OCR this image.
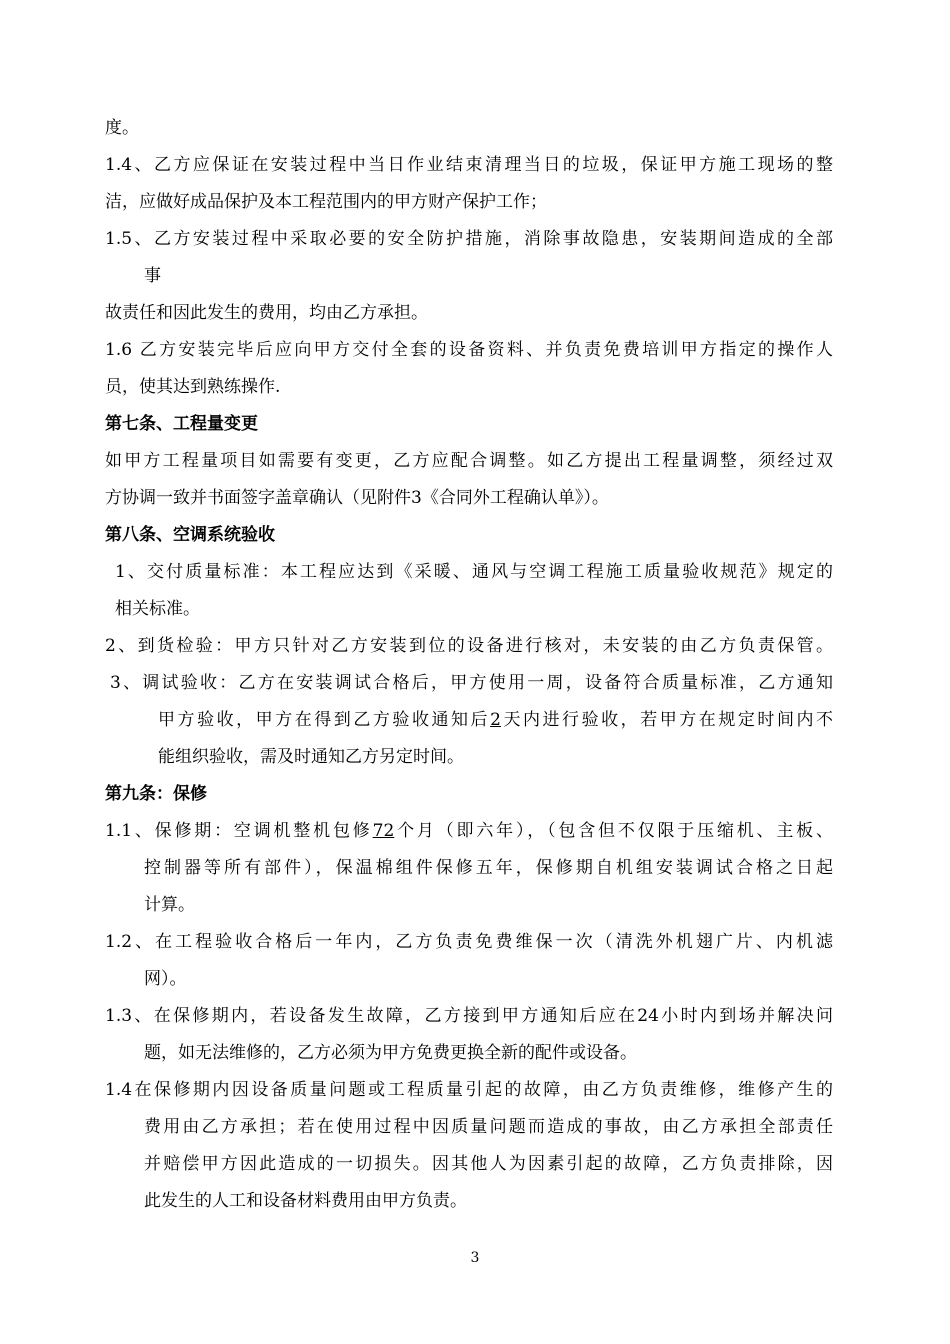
度。
1.4、乙方应保证在安装过程中当日作业结束清理当日的垃圾，保证甲方施工现场的整
洁，应做好成品保护及本工程范围内的甲方财产保护工作；
1.5、乙方安装过程中采取必要的安全防护措施，消除事故隐患，安装期间造成的全部
事
故责任和因此发生的费用，均由乙方承担。
1.6 乙方安装完毕后应向甲方交付全套的设备资料、并负责免费培训甲方指定的操作人
员，使其达到熟练操作.
第七条、工程量变更
如甲方工程量项目如需要有变更，乙方应配合调整。如乙方提出工程量调整，须经过双
方协调一致并书面签字盖章确认（见附件3《合同外工程确认单》）。
第八条、空调系统验收
1、交付质量标准：本工程应达到《采暖、通风与空调工程施工质量验收规范》规定的
相关标准。
2、到货检验：甲方只针对乙方安装到位的设备进行核对，未安装的由乙方负责保管。
3、调试验收：乙方在安装调试合格后，甲方使用一周，设备符合质量标准，乙方通知
甲方验收，甲方在得到乙方验收通知后2天内进行验收，若甲方在规定时间内不
能组织验收，需及时通知乙方另定时间。
第九条：保修
1.1、保修期：空调机整机包修72个月（即六年），（包含但不仅限于压缩机、主板、
控制器等所有部件），保温棉组件保修五年，保修期自机组安装调试合格之日起
计算。
1.2、在工程验收合格后一年内，乙方负责免费维保一次（清洗外机翅广片、内机滤
网）。
1.3、在保修期内，若设备发生故障，乙方接到甲方通知后应在24小时内到场并解决问
题，如无法维修的，乙方必须为甲方免费更换全新的配件或设备。
1.4在保修期内因设备质量问题或工程质量引起的故障，由乙方负责维修，维修产生的
费用由乙方承担；若在使用过程中因质量问题而造成的事故，由乙方承担全部责任
并赔偿甲方因此造成的一切损失。因其他人为因素引起的故障，乙方负责排除，因
此发生的人工和设备材料费用由甲方负责。
3
